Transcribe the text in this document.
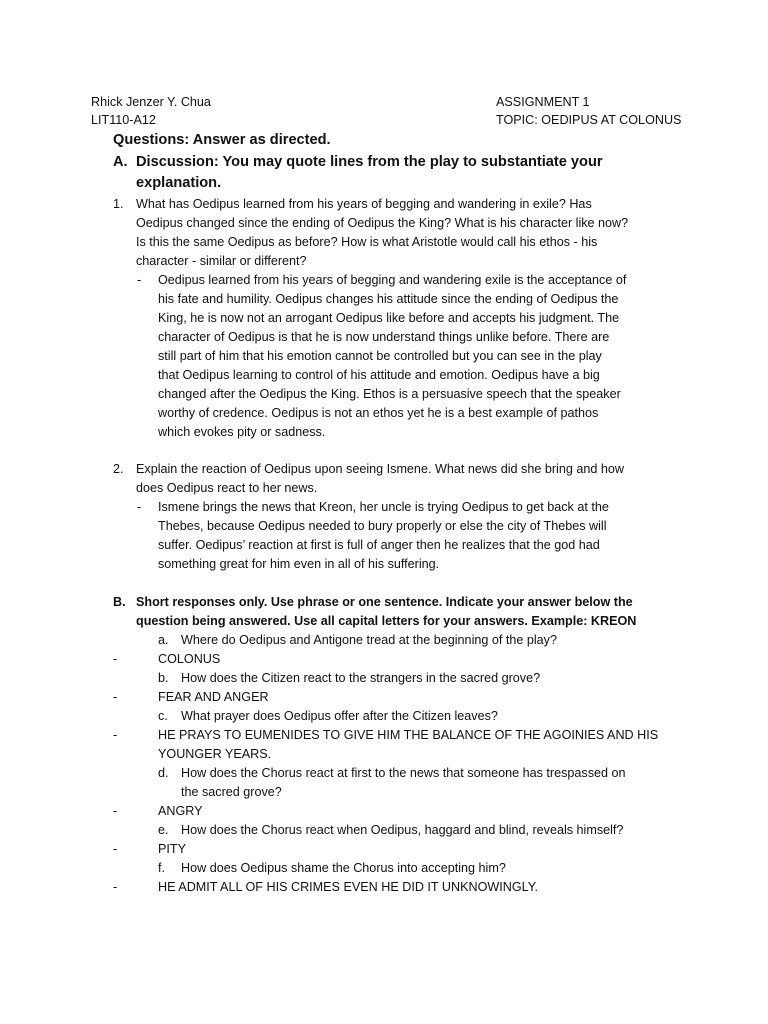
Rhick Jenzer Y. Chua
LIT110-A12
ASSIGNMENT 1
TOPIC: OEDIPUS AT COLONUS
Questions: Answer as directed.
A. Discussion: You may quote lines from the play to substantiate your

explanation.

1. What has Oedipus learned from his years of begging and wandering in exile? Has

Oedipus changed since the ending of Oedipus the King? What is his character like now?

Is this the same Oedipus as before? How is what Aristotle would call his ethos - his

character - similar or different?

- Oedipus learned from his years of begging and wandering exile is the acceptance of

his fate and humility. Oedipus changes his attitude since the ending of Oedipus the

King, he is now not an arrogant Oedipus like before and accepts his judgment. The

character of Oedipus is that he is now understand things unlike before. There are

still part of him that his emotion cannot be controlled but you can see in the play

that Oedipus learning to control of his attitude and emotion. Oedipus have a big

changed after the Oedipus the King. Ethos is a persuasive speech that the speaker

worthy of credence. Oedipus is not an ethos yet he is a best example of pathos

which evokes pity or sadness.

2. Explain the reaction of Oedipus upon seeing Ismene. What news did she bring and how

does Oedipus react to her news.

- Ismene brings the news that Kreon, her uncle is trying Oedipus to get back at the

Thebes, because Oedipus needed to bury properly or else the city of Thebes will

suffer. Oedipus’ reaction at first is full of anger then he realizes that the god had

something great for him even in all of his suffering.

B. Short responses only. Use phrase or one sentence. Indicate your answer below the

question being answered. Use all capital letters for your answers. Example: KREON

a. Where do Oedipus and Antigone tread at the beginning of the play?
-	COLONUS
b. How does the Citizen react to the strangers in the sacred grove?
-	FEAR AND ANGER
c. What prayer does Oedipus offer after the Citizen leaves?
-	HE PRAYS TO EUMENIDES TO GIVE HIM THE BALANCE OF THE AGOINIES AND HIS

YOUNGER YEARS.

d. How does the Chorus react at first to the news that someone has trespassed on

the sacred grove?

-	ANGRY
e. How does the Chorus react when Oedipus, haggard and blind, reveals himself?
-	PITY
f. How does Oedipus shame the Chorus into accepting him?
-	HE ADMIT ALL OF HIS CRIMES EVEN HE DID IT UNKNOWINGLY.
